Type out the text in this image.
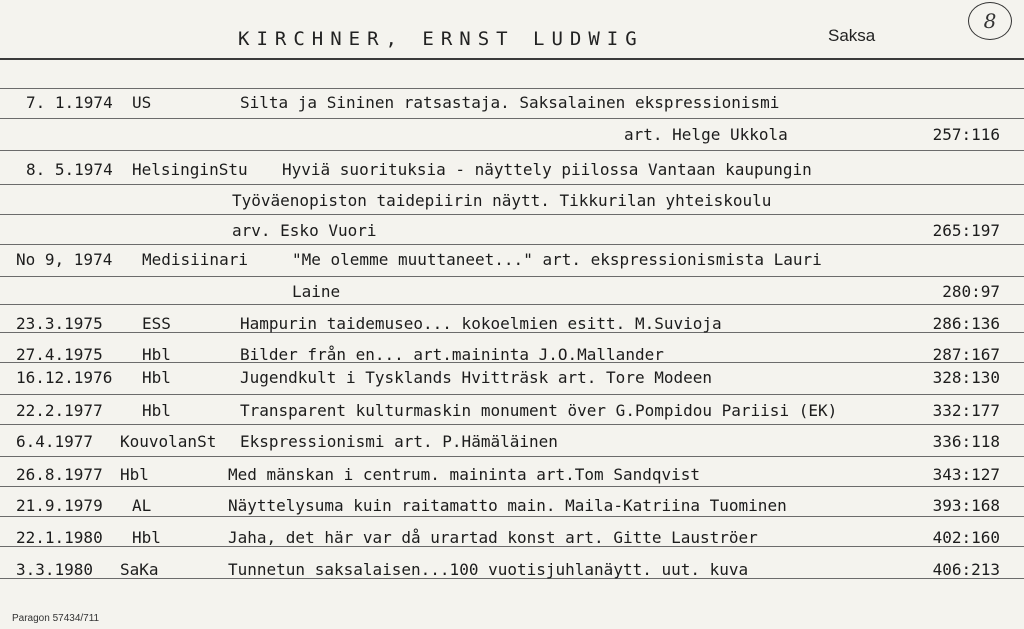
KIRCHNER, ERNST LUDWIG	Saksa
8
7. 1.1974 US	Silta ja Sininen ratsastaja. Saksalainen ekspressionismi
art. Helge Ukkola	257:116
8. 5.1974 HelsinginStu Hyviä suorituksia - näyttely piilossa Vantaan kaupungin
Työväenopiston taidepiirin näytt. Tikkurilan yhteiskoulu
arv. Esko Vuori	265:197
No 9, 1974 Medisiinari	"Me olemme muuttaneet..." art. ekspressionismista Lauri
Laine	280:97
23.3.1975 ESS	Hampurin taidemuseo... kokoelmien esitt. M.Suvioja	286:136
27.4.1975 Hbl	Bilder från en... art.maininta J.O.Mallander	287:167
16.12.1976 Hbl	Jugendkult i Tysklands Hvitträsk art. Tore Modeen	328:130
22.2.1977 Hbl	Transparent kulturmaskin monument över G.Pompidou Pariisi (EK)	332:177
6.4.1977 KouvolanSt Ekspressionismi art. P.Hämäläinen	336:118
26.8.1977 Hbl	Med mänskan i centrum. maininta art.Tom Sandqvist	343:127
21.9.1979 AL	Näyttelysuma kuin raitamatto main. Maila-Katriina Tuominen	393:168
22.1.1980 Hbl	Jaha, det här var då urartad konst art. Gitte Lauströer	402:160
3.3.1980 SaKa	Tunnetun saksalaisen...100 vuotisjuhlanäytt. uut. kuva	406:213
Paragon 57434/711
